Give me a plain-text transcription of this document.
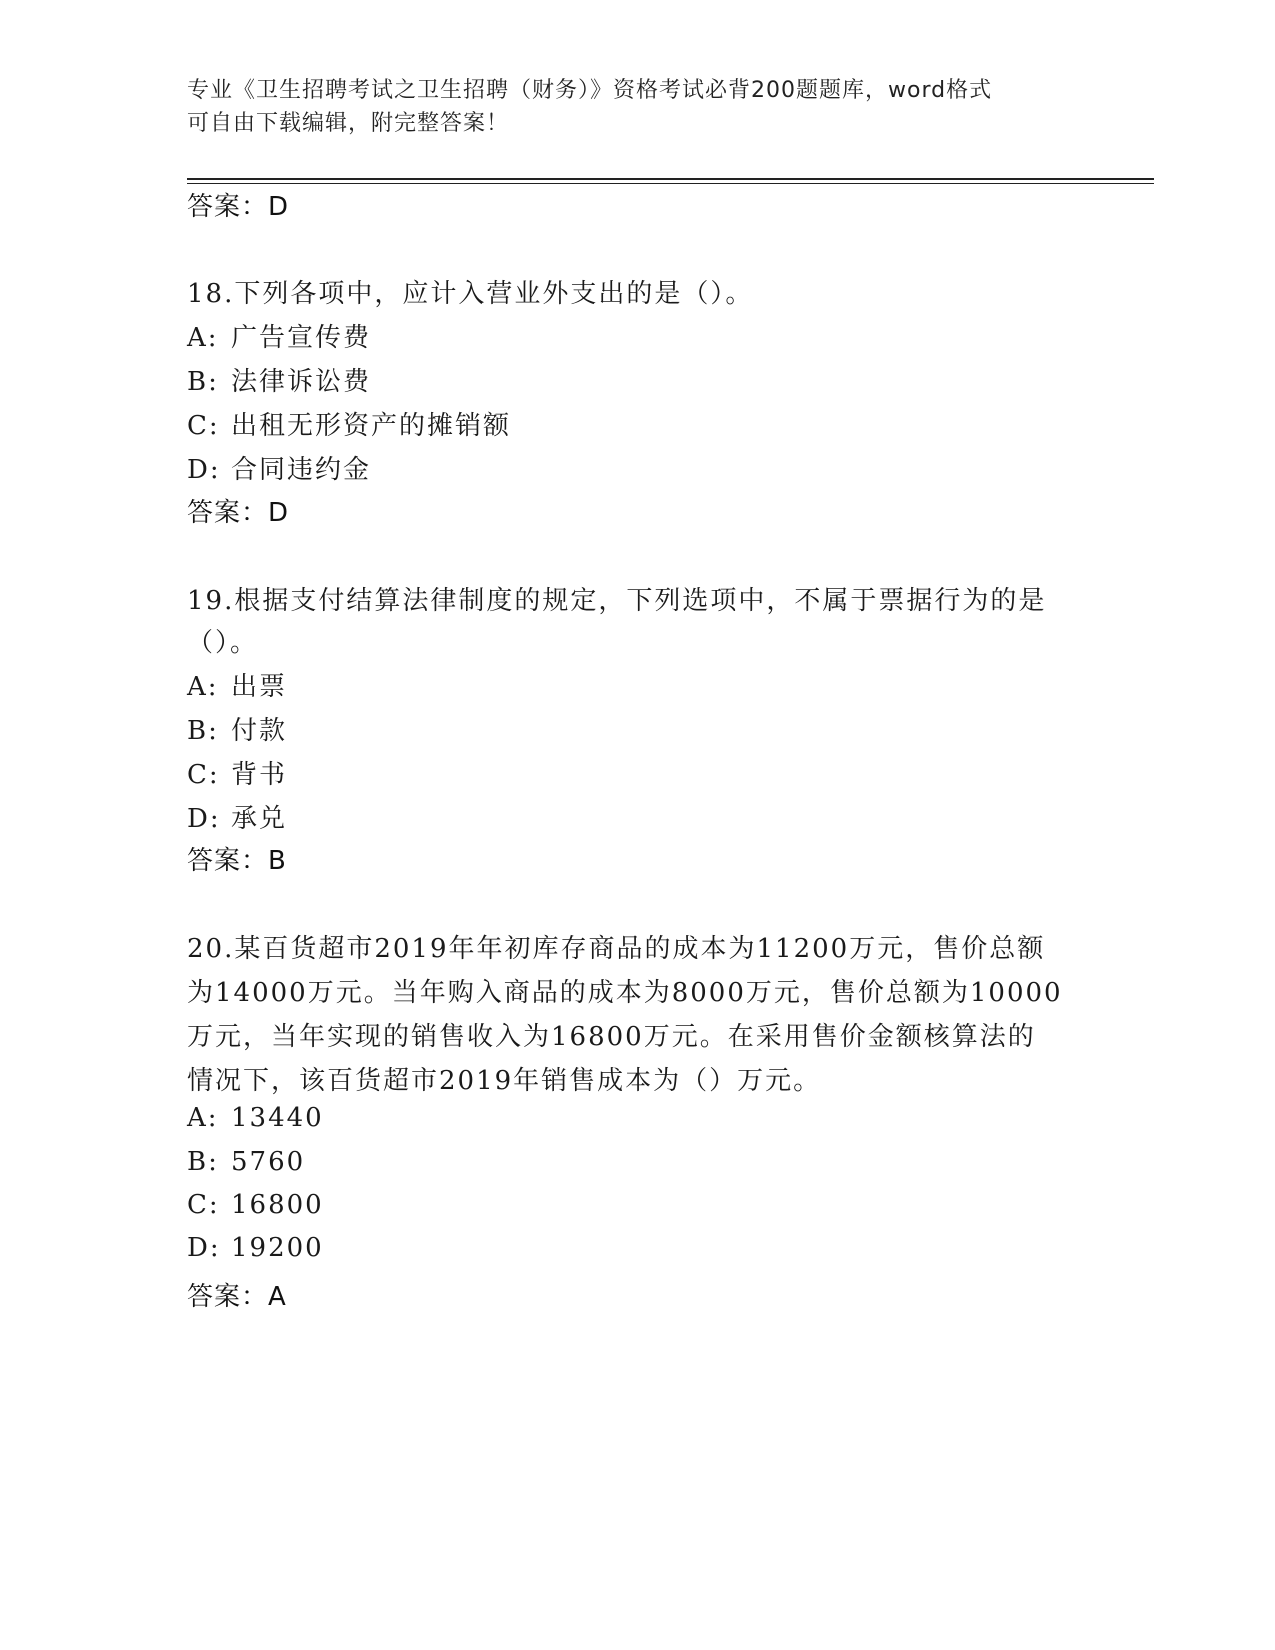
专业《卫生招聘考试之卫生招聘（财务）》资格考试必背200题题库，word格式
可自由下载编辑，附完整答案！
答案：D
18.下列各项中，应计入营业外支出的是（）。
A: 广告宣传费
B: 法律诉讼费
C: 出租无形资产的摊销额
D: 合同违约金
答案：D
19.根据支付结算法律制度的规定，下列选项中，不属于票据行为的是
（）。
A: 出票
B: 付款
C: 背书
D: 承兑
答案：B
20.某百货超市2019年年初库存商品的成本为11200万元，售价总额
为14000万元。当年购入商品的成本为8000万元，售价总额为10000
万元，当年实现的销售收入为16800万元。在采用售价金额核算法的
情况下，该百货超市2019年销售成本为（）万元。
A: 13440
B: 5760
C: 16800
D: 19200
答案：A
